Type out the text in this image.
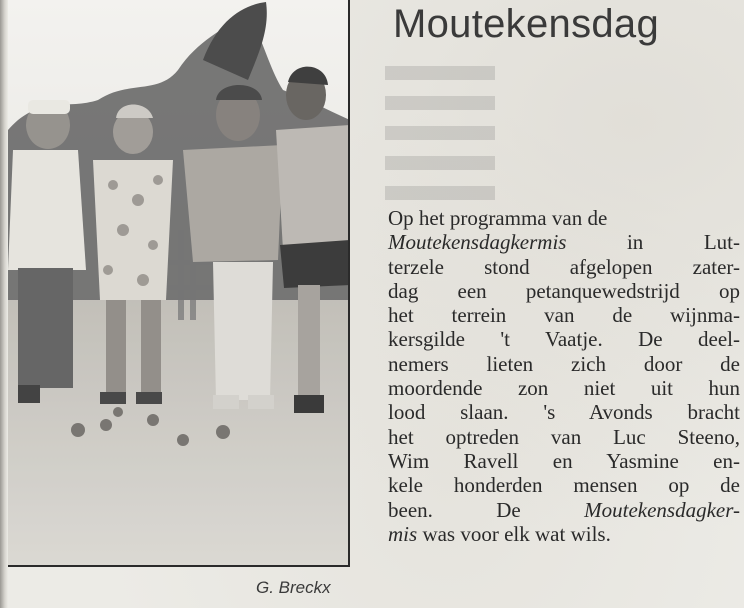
Moutekensdag
Op het programma van de
Moutekensdagkermis in Lut-
terzele stond afgelopen zater-
dag een petanquewedstrijd op
het terrein van de wijnma-
kersgilde 't Vaatje. De deel-
nemers lieten zich door de
moordende zon niet uit hun
lood slaan. 's Avonds bracht
het optreden van Luc Steeno,
Wim Ravell en Yasmine en-
kele honderden mensen op de
been. De Moutekensdagker-
mis was voor elk wat wils.
G. Breckx
